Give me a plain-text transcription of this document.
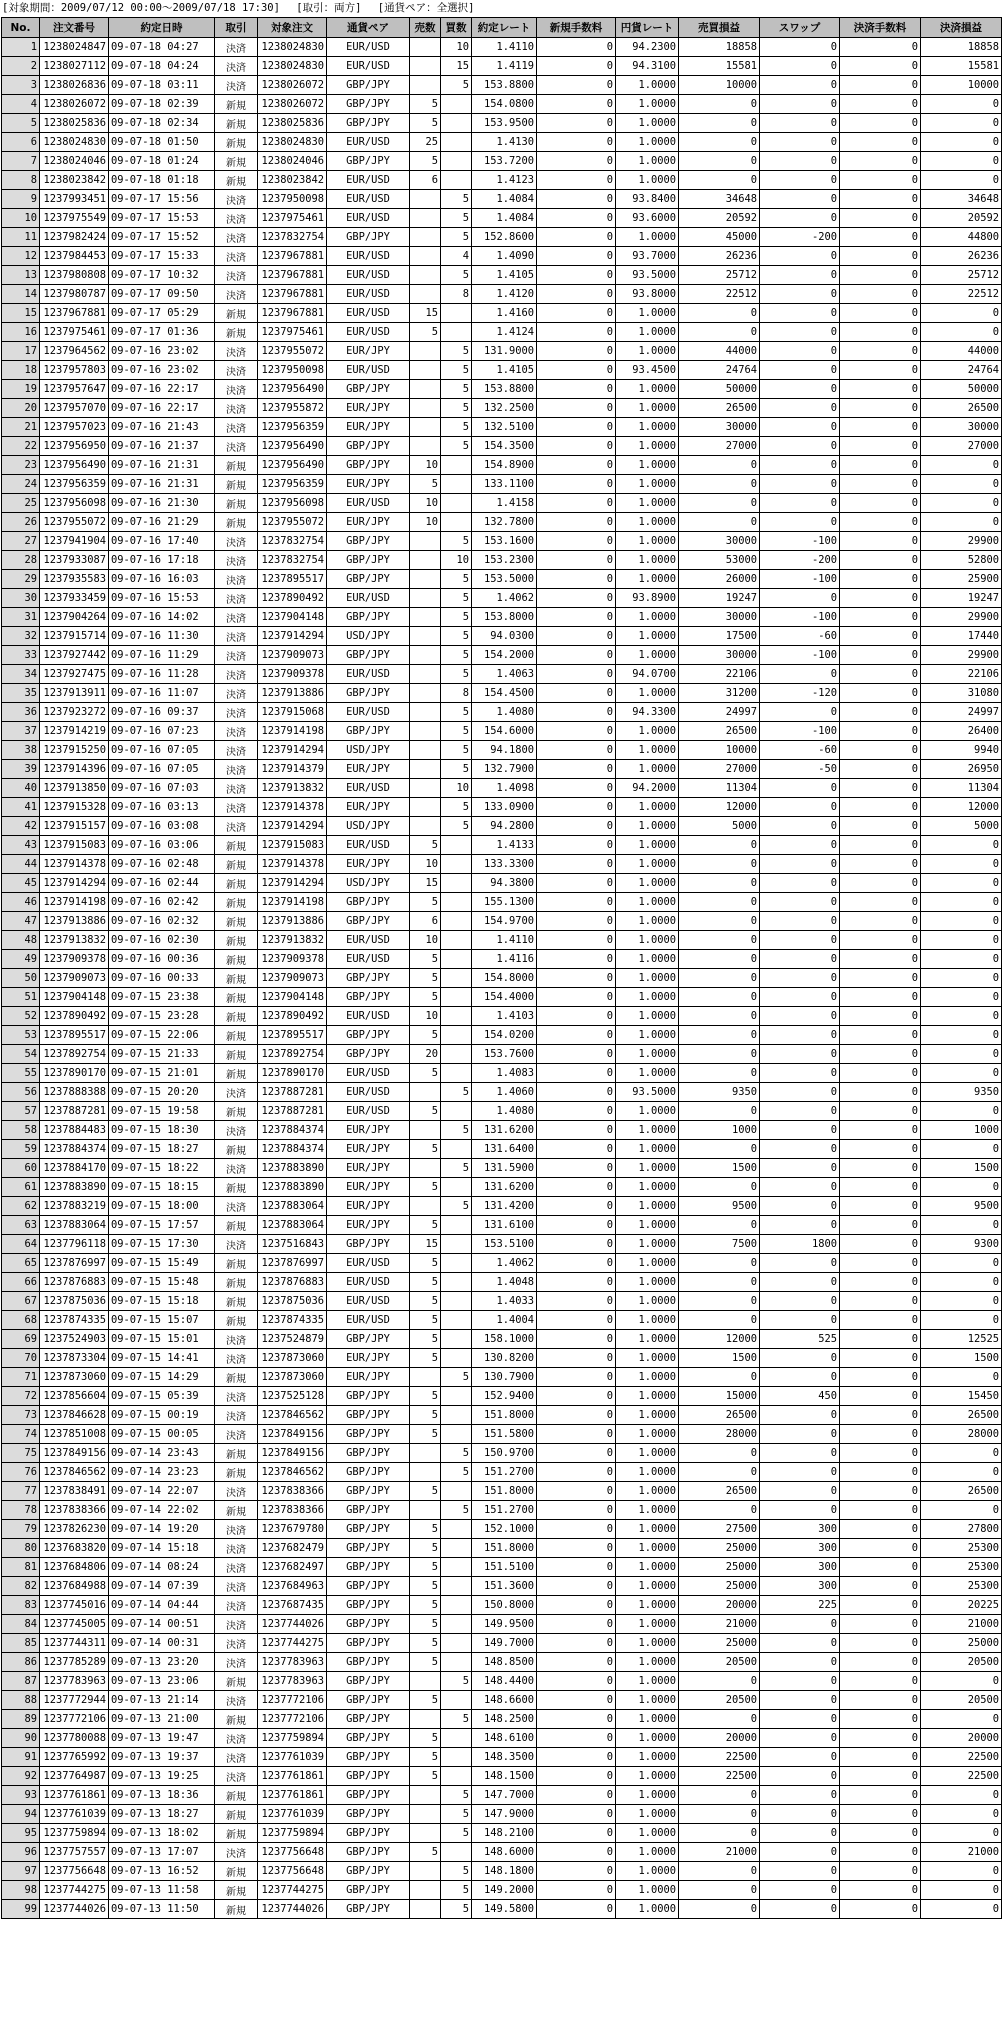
[対象期間：2009/07/12 00:00～2009/07/18 17:30] [取引：両方] [通貨ペア：全選択]
No.	注文番号	約定日時	取引	対象注文	通貨ペア	売数	買数	約定レート	新規手数料	円貨レート	売買損益	スワップ	決済手数料	決済損益
1	1238024847	09-07-18 04:27	決済	1238024830	EUR/USD		10	1.4110	0	94.2300	18858	0	0	18858
2	1238027112	09-07-18 04:24	決済	1238024830	EUR/USD		15	1.4119	0	94.3100	15581	0	0	15581
3	1238026836	09-07-18 03:11	決済	1238026072	GBP/JPY		5	153.8800	0	1.0000	10000	0	0	10000
4	1238026072	09-07-18 02:39	新規	1238026072	GBP/JPY	5		154.0800	0	1.0000	0	0	0	0
5	1238025836	09-07-18 02:34	新規	1238025836	GBP/JPY	5		153.9500	0	1.0000	0	0	0	0
6	1238024830	09-07-18 01:50	新規	1238024830	EUR/USD	25		1.4130	0	1.0000	0	0	0	0
7	1238024046	09-07-18 01:24	新規	1238024046	GBP/JPY	5		153.7200	0	1.0000	0	0	0	0
8	1238023842	09-07-18 01:18	新規	1238023842	EUR/USD	6		1.4123	0	1.0000	0	0	0	0
9	1237993451	09-07-17 15:56	決済	1237950098	EUR/USD		5	1.4084	0	93.8400	34648	0	0	34648
10	1237975549	09-07-17 15:53	決済	1237975461	EUR/USD		5	1.4084	0	93.6000	20592	0	0	20592
11	1237982424	09-07-17 15:52	決済	1237832754	GBP/JPY		5	152.8600	0	1.0000	45000	-200	0	44800
12	1237984453	09-07-17 15:33	決済	1237967881	EUR/USD		4	1.4090	0	93.7000	26236	0	0	26236
13	1237980808	09-07-17 10:32	決済	1237967881	EUR/USD		5	1.4105	0	93.5000	25712	0	0	25712
14	1237980787	09-07-17 09:50	決済	1237967881	EUR/USD		8	1.4120	0	93.8000	22512	0	0	22512
15	1237967881	09-07-17 05:29	新規	1237967881	EUR/USD	15		1.4160	0	1.0000	0	0	0	0
16	1237975461	09-07-17 01:36	新規	1237975461	EUR/USD	5		1.4124	0	1.0000	0	0	0	0
17	1237964562	09-07-16 23:02	決済	1237955072	EUR/JPY		5	131.9000	0	1.0000	44000	0	0	44000
18	1237957803	09-07-16 23:02	決済	1237950098	EUR/USD		5	1.4105	0	93.4500	24764	0	0	24764
19	1237957647	09-07-16 22:17	決済	1237956490	GBP/JPY		5	153.8800	0	1.0000	50000	0	0	50000
20	1237957070	09-07-16 22:17	決済	1237955872	EUR/JPY		5	132.2500	0	1.0000	26500	0	0	26500
21	1237957023	09-07-16 21:43	決済	1237956359	EUR/JPY		5	132.5100	0	1.0000	30000	0	0	30000
22	1237956950	09-07-16 21:37	決済	1237956490	GBP/JPY		5	154.3500	0	1.0000	27000	0	0	27000
23	1237956490	09-07-16 21:31	新規	1237956490	GBP/JPY	10		154.8900	0	1.0000	0	0	0	0
24	1237956359	09-07-16 21:31	新規	1237956359	EUR/JPY	5		133.1100	0	1.0000	0	0	0	0
25	1237956098	09-07-16 21:30	新規	1237956098	EUR/USD	10		1.4158	0	1.0000	0	0	0	0
26	1237955072	09-07-16 21:29	新規	1237955072	EUR/JPY	10		132.7800	0	1.0000	0	0	0	0
27	1237941904	09-07-16 17:40	決済	1237832754	GBP/JPY		5	153.1600	0	1.0000	30000	-100	0	29900
28	1237933087	09-07-16 17:18	決済	1237832754	GBP/JPY		10	153.2300	0	1.0000	53000	-200	0	52800
29	1237935583	09-07-16 16:03	決済	1237895517	GBP/JPY		5	153.5000	0	1.0000	26000	-100	0	25900
30	1237933459	09-07-16 15:53	決済	1237890492	EUR/USD		5	1.4062	0	93.8900	19247	0	0	19247
31	1237904264	09-07-16 14:02	決済	1237904148	GBP/JPY		5	153.8000	0	1.0000	30000	-100	0	29900
32	1237915714	09-07-16 11:30	決済	1237914294	USD/JPY		5	94.0300	0	1.0000	17500	-60	0	17440
33	1237927442	09-07-16 11:29	決済	1237909073	GBP/JPY		5	154.2000	0	1.0000	30000	-100	0	29900
34	1237927475	09-07-16 11:28	決済	1237909378	EUR/USD		5	1.4063	0	94.0700	22106	0	0	22106
35	1237913911	09-07-16 11:07	決済	1237913886	GBP/JPY		8	154.4500	0	1.0000	31200	-120	0	31080
36	1237923272	09-07-16 09:37	決済	1237915068	EUR/USD		5	1.4080	0	94.3300	24997	0	0	24997
37	1237914219	09-07-16 07:23	決済	1237914198	GBP/JPY		5	154.6000	0	1.0000	26500	-100	0	26400
38	1237915250	09-07-16 07:05	決済	1237914294	USD/JPY		5	94.1800	0	1.0000	10000	-60	0	9940
39	1237914396	09-07-16 07:05	決済	1237914379	EUR/JPY		5	132.7900	0	1.0000	27000	-50	0	26950
40	1237913850	09-07-16 07:03	決済	1237913832	EUR/USD		10	1.4098	0	94.2000	11304	0	0	11304
41	1237915328	09-07-16 03:13	決済	1237914378	EUR/JPY		5	133.0900	0	1.0000	12000	0	0	12000
42	1237915157	09-07-16 03:08	決済	1237914294	USD/JPY		5	94.2800	0	1.0000	5000	0	0	5000
43	1237915083	09-07-16 03:06	新規	1237915083	EUR/USD	5		1.4133	0	1.0000	0	0	0	0
44	1237914378	09-07-16 02:48	新規	1237914378	EUR/JPY	10		133.3300	0	1.0000	0	0	0	0
45	1237914294	09-07-16 02:44	新規	1237914294	USD/JPY	15		94.3800	0	1.0000	0	0	0	0
46	1237914198	09-07-16 02:42	新規	1237914198	GBP/JPY	5		155.1300	0	1.0000	0	0	0	0
47	1237913886	09-07-16 02:32	新規	1237913886	GBP/JPY	6		154.9700	0	1.0000	0	0	0	0
48	1237913832	09-07-16 02:30	新規	1237913832	EUR/USD	10		1.4110	0	1.0000	0	0	0	0
49	1237909378	09-07-16 00:36	新規	1237909378	EUR/USD	5		1.4116	0	1.0000	0	0	0	0
50	1237909073	09-07-16 00:33	新規	1237909073	GBP/JPY	5		154.8000	0	1.0000	0	0	0	0
51	1237904148	09-07-15 23:38	新規	1237904148	GBP/JPY	5		154.4000	0	1.0000	0	0	0	0
52	1237890492	09-07-15 23:28	新規	1237890492	EUR/USD	10		1.4103	0	1.0000	0	0	0	0
53	1237895517	09-07-15 22:06	新規	1237895517	GBP/JPY	5		154.0200	0	1.0000	0	0	0	0
54	1237892754	09-07-15 21:33	新規	1237892754	GBP/JPY	20		153.7600	0	1.0000	0	0	0	0
55	1237890170	09-07-15 21:01	新規	1237890170	EUR/USD	5		1.4083	0	1.0000	0	0	0	0
56	1237888388	09-07-15 20:20	決済	1237887281	EUR/USD		5	1.4060	0	93.5000	9350	0	0	9350
57	1237887281	09-07-15 19:58	新規	1237887281	EUR/USD	5		1.4080	0	1.0000	0	0	0	0
58	1237884483	09-07-15 18:30	決済	1237884374	EUR/JPY		5	131.6200	0	1.0000	1000	0	0	1000
59	1237884374	09-07-15 18:27	新規	1237884374	EUR/JPY	5		131.6400	0	1.0000	0	0	0	0
60	1237884170	09-07-15 18:22	決済	1237883890	EUR/JPY		5	131.5900	0	1.0000	1500	0	0	1500
61	1237883890	09-07-15 18:15	新規	1237883890	EUR/JPY	5		131.6200	0	1.0000	0	0	0	0
62	1237883219	09-07-15 18:00	決済	1237883064	EUR/JPY		5	131.4200	0	1.0000	9500	0	0	9500
63	1237883064	09-07-15 17:57	新規	1237883064	EUR/JPY	5		131.6100	0	1.0000	0	0	0	0
64	1237796118	09-07-15 17:30	決済	1237516843	GBP/JPY	15		153.5100	0	1.0000	7500	1800	0	9300
65	1237876997	09-07-15 15:49	新規	1237876997	EUR/USD	5		1.4062	0	1.0000	0	0	0	0
66	1237876883	09-07-15 15:48	新規	1237876883	EUR/USD	5		1.4048	0	1.0000	0	0	0	0
67	1237875036	09-07-15 15:18	新規	1237875036	EUR/USD	5		1.4033	0	1.0000	0	0	0	0
68	1237874335	09-07-15 15:07	新規	1237874335	EUR/USD	5		1.4004	0	1.0000	0	0	0	0
69	1237524903	09-07-15 15:01	決済	1237524879	GBP/JPY	5		158.1000	0	1.0000	12000	525	0	12525
70	1237873304	09-07-15 14:41	決済	1237873060	EUR/JPY	5		130.8200	0	1.0000	1500	0	0	1500
71	1237873060	09-07-15 14:29	新規	1237873060	EUR/JPY		5	130.7900	0	1.0000	0	0	0	0
72	1237856604	09-07-15 05:39	決済	1237525128	GBP/JPY	5		152.9400	0	1.0000	15000	450	0	15450
73	1237846628	09-07-15 00:19	決済	1237846562	GBP/JPY	5		151.8000	0	1.0000	26500	0	0	26500
74	1237851008	09-07-15 00:05	決済	1237849156	GBP/JPY	5		151.5800	0	1.0000	28000	0	0	28000
75	1237849156	09-07-14 23:43	新規	1237849156	GBP/JPY		5	150.9700	0	1.0000	0	0	0	0
76	1237846562	09-07-14 23:23	新規	1237846562	GBP/JPY		5	151.2700	0	1.0000	0	0	0	0
77	1237838491	09-07-14 22:07	決済	1237838366	GBP/JPY	5		151.8000	0	1.0000	26500	0	0	26500
78	1237838366	09-07-14 22:02	新規	1237838366	GBP/JPY		5	151.2700	0	1.0000	0	0	0	0
79	1237826230	09-07-14 19:20	決済	1237679780	GBP/JPY	5		152.1000	0	1.0000	27500	300	0	27800
80	1237683820	09-07-14 15:18	決済	1237682479	GBP/JPY	5		151.8000	0	1.0000	25000	300	0	25300
81	1237684806	09-07-14 08:24	決済	1237682497	GBP/JPY	5		151.5100	0	1.0000	25000	300	0	25300
82	1237684988	09-07-14 07:39	決済	1237684963	GBP/JPY	5		151.3600	0	1.0000	25000	300	0	25300
83	1237745016	09-07-14 04:44	決済	1237687435	GBP/JPY	5		150.8000	0	1.0000	20000	225	0	20225
84	1237745005	09-07-14 00:51	決済	1237744026	GBP/JPY	5		149.9500	0	1.0000	21000	0	0	21000
85	1237744311	09-07-14 00:31	決済	1237744275	GBP/JPY	5		149.7000	0	1.0000	25000	0	0	25000
86	1237785289	09-07-13 23:20	決済	1237783963	GBP/JPY	5		148.8500	0	1.0000	20500	0	0	20500
87	1237783963	09-07-13 23:06	新規	1237783963	GBP/JPY		5	148.4400	0	1.0000	0	0	0	0
88	1237772944	09-07-13 21:14	決済	1237772106	GBP/JPY	5		148.6600	0	1.0000	20500	0	0	20500
89	1237772106	09-07-13 21:00	新規	1237772106	GBP/JPY		5	148.2500	0	1.0000	0	0	0	0
90	1237780088	09-07-13 19:47	決済	1237759894	GBP/JPY	5		148.6100	0	1.0000	20000	0	0	20000
91	1237765992	09-07-13 19:37	決済	1237761039	GBP/JPY	5		148.3500	0	1.0000	22500	0	0	22500
92	1237764987	09-07-13 19:25	決済	1237761861	GBP/JPY	5		148.1500	0	1.0000	22500	0	0	22500
93	1237761861	09-07-13 18:36	新規	1237761861	GBP/JPY		5	147.7000	0	1.0000	0	0	0	0
94	1237761039	09-07-13 18:27	新規	1237761039	GBP/JPY		5	147.9000	0	1.0000	0	0	0	0
95	1237759894	09-07-13 18:02	新規	1237759894	GBP/JPY		5	148.2100	0	1.0000	0	0	0	0
96	1237757557	09-07-13 17:07	決済	1237756648	GBP/JPY	5		148.6000	0	1.0000	21000	0	0	21000
97	1237756648	09-07-13 16:52	新規	1237756648	GBP/JPY		5	148.1800	0	1.0000	0	0	0	0
98	1237744275	09-07-13 11:58	新規	1237744275	GBP/JPY		5	149.2000	0	1.0000	0	0	0	0
99	1237744026	09-07-13 11:50	新規	1237744026	GBP/JPY		5	149.5800	0	1.0000	0	0	0	0
